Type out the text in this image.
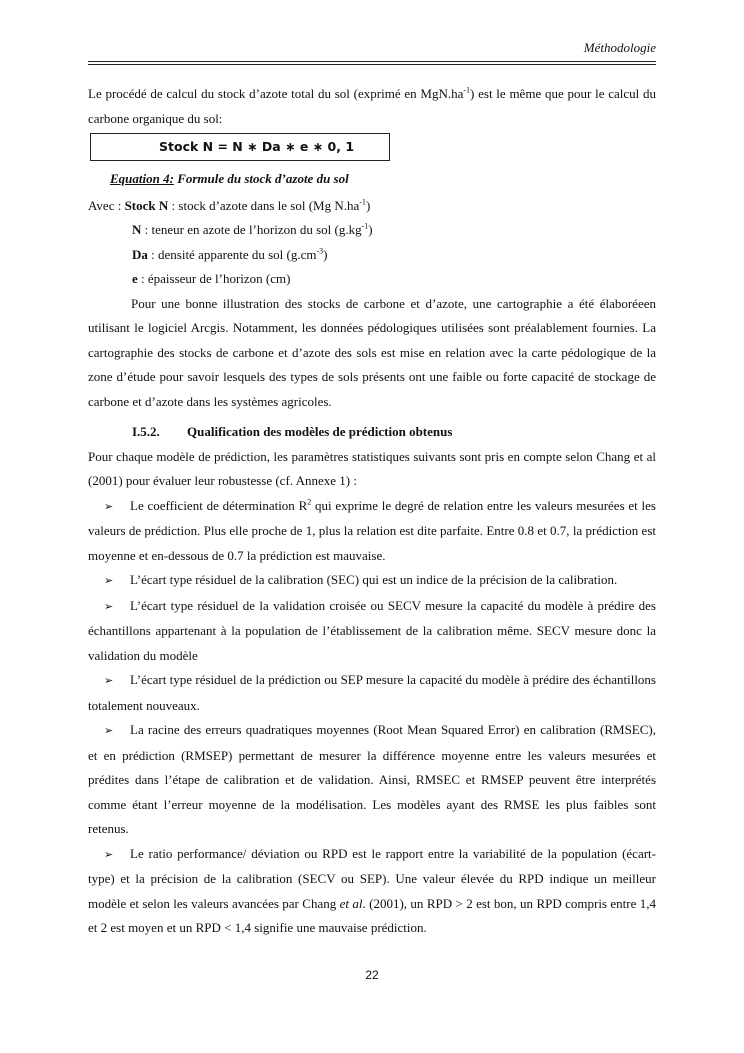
Méthodologie

Le procédé de calcul du stock d’azote total du sol (exprimé en $MgN.ha^{-1}$) est le même que pour le calcul du carbone organique du sol:

Stock N = N ∗ Da ∗ e ∗ 0, 1
Equation 4: Formule du stock d’azote du sol

Avec : Stock N : stock d’azote dans le sol (Mg $N.ha^{-1}$)

N : teneur en azote de l’horizon du sol $(g.kg^{-1})$

Da : densité apparente du sol $(g.cm^{-3})$

e : épaisseur de l’horizon (cm)

Pour une bonne illustration des stocks de carbone et d’azote, une cartographie a été élaboréeen utilisant le logiciel Arcgis. Notamment, les données pédologiques utilisées sont préalablement fournies. La cartographie des stocks de carbone et d’azote des sols est mise en relation avec la carte pédologique de la zone d’étude pour savoir lesquels des types de sols présents ont une faible ou forte capacité de stockage de carbone et d’azote dans les systèmes agricoles.

I.5.2. Qualification des modèles de prédiction obtenus

Pour chaque modèle de prédiction, les paramètres statistiques suivants sont pris en compte selon Chang et al (2001) pour évaluer leur robustesse (cf. Annexe 1) :

➢ Le coefficient de détermination $R^2$ qui exprime le degré de relation entre les valeurs mesurées et les valeurs de prédiction. Plus elle proche de 1, plus la relation est dite parfaite. Entre 0.8 et 0.7, la prédiction est moyenne et en-dessous de 0.7 la prédiction est mauvaise.

➢ L’écart type résiduel de la calibration (SEC) qui est un indice de la précision de la calibration.

➢ L’écart type résiduel de la validation croisée ou SECV mesure la capacité du modèle à prédire des échantillons appartenant à la population de l’établissement de la calibration même. SECV mesure donc la validation du modèle

➢ L’écart type résiduel de la prédiction ou SEP mesure la capacité du modèle à prédire des échantillons totalement nouveaux.

➢ La racine des erreurs quadratiques moyennes (Root Mean Squared Error) en calibration (RMSEC), et en prédiction (RMSEP) permettant de mesurer la différence moyenne entre les valeurs mesurées et prédites dans l’étape de calibration et de validation. Ainsi, RMSEC et RMSEP peuvent être interprétés comme étant l’erreur moyenne de la modélisation. Les modèles ayant des RMSE les plus faibles sont retenus.

➢ Le ratio performance/ déviation ou RPD est le rapport entre la variabilité de la population (écart-type) et la précision de la calibration (SECV ou SEP). Une valeur élevée du RPD indique un meilleur modèle et selon les valeurs avancées par Chang et al. (2001), un RPD > 2 est bon, un RPD compris entre 1,4 et 2 est moyen et un RPD < 1,4 signifie une mauvaise prédiction.

22
